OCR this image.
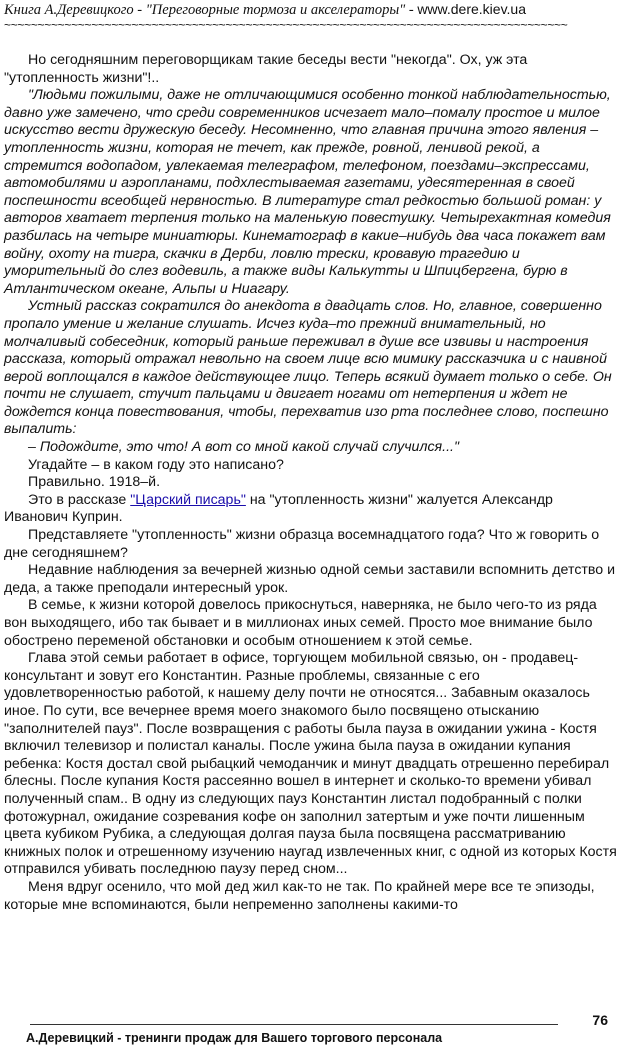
Книга А.Деревицкого - "Переговорные тормоза и акселераторы" - www.dere.kiev.ua
~~~~~~~~~~~~~~~~~~~~~~~~~~~~~~~~~~~~~~~~~~~~~~~~~~~~~~~~~~~~~~~~~~~~~~~~~~~~~~~~~~~~

Но сегодняшним переговорщикам такие беседы вести "некогда". Ох, уж эта "утопленность жизни"!..

"Людьми пожилыми, даже не отличающимися особенно тонкой наблюдательностью, давно уже замечено, что среди современников исчезает мало–помалу простое и милое искусство вести дружескую беседу. Несомненно, что главная причина этого явления – утопленность жизни, которая не течет, как прежде, ровной, ленивой рекой, а стремится водопадом, увлекаемая телеграфом, телефоном, поездами–экспрессами, автомобилями и аэропланами, подхлестываемая газетами, удесятеренная в своей поспешности всеобщей нервностью. В литературе стал редкостью большой роман: у авторов хватает терпения только на маленькую повестушку. Четырехактная комедия разбилась на четыре миниатюры. Кинематограф в какие–нибудь два часа покажет вам войну, охоту на тигра, скачки в Дерби, ловлю трески, кровавую трагедию и уморительный до слез водевиль, а также виды Калькутты и Шпицбергена, бурю в Атлантическом океане, Альпы и Ниагару.

Устный рассказ сократился до анекдота в двадцать слов. Но, главное, совершенно пропало умение и желание слушать. Исчез куда–то прежний внимательный, но молчаливый собеседник, который раньше переживал в душе все извивы и настроения рассказа, который отражал невольно на своем лице всю мимику рассказчика и с наивной верой воплощался в каждое действующее лицо. Теперь всякий думает только о себе. Он почти не слушает, стучит пальцами и двигает ногами от нетерпения и ждет не дождется конца повествования, чтобы, перехватив изо рта последнее слово, поспешно выпалить:

– Подождите, это что! А вот со мной какой случай случился..."

Угадайте – в каком году это написано?

Правильно. 1918–й.

Это в рассказе "Царский писарь" на "утопленность жизни" жалуется Александр Иванович Куприн.

Представляете "утопленность" жизни образца восемнадцатого года? Что ж говорить о дне сегодняшнем?

Недавние наблюдения за вечерней жизнью одной семьи заставили вспомнить детство и деда, а также преподали интересный урок.

В семье, к жизни которой довелось прикоснуться, наверняка, не было чего-то из ряда вон выходящего, ибо так бывает и в миллионах иных семей. Просто мое внимание было обострено переменой обстановки и особым отношением к этой семье.

Глава этой семьи работает в офисе, торгующем мобильной связью, он - продавец-консультант и зовут его Константин. Разные проблемы, связанные с его удовлетворенностью работой, к нашему делу почти не относятся... Забавным оказалось иное. По сути, все вечернее время моего знакомого было посвящено отысканию "заполнителей пауз". После возвращения с работы была пауза в ожидании ужина - Костя включил телевизор и полистал каналы. После ужина была пауза в ожидании купания ребенка: Костя достал свой рыбацкий чемоданчик и минут двадцать отрешенно перебирал блесны. После купания Костя рассеянно вошел в интернет и сколько-то времени убивал полученный спам.. В одну из следующих пауз Константин листал подобранный с полки фотожурнал, ожидание созревания кофе он заполнил затертым и уже почти лишенным цвета кубиком Рубика, а следующая долгая пауза была посвящена рассматриванию книжных полок и отрешенному изучению наугад извлеченных книг, с одной из которых Костя отправился убивать последнюю паузу перед сном...

Меня вдруг осенило, что мой дед жил как-то не так. По крайней мере все те эпизоды, которые мне вспоминаются, были непременно заполнены какими-то

76
А.Деревицкий - тренинги продаж для Вашего торгового персонала
